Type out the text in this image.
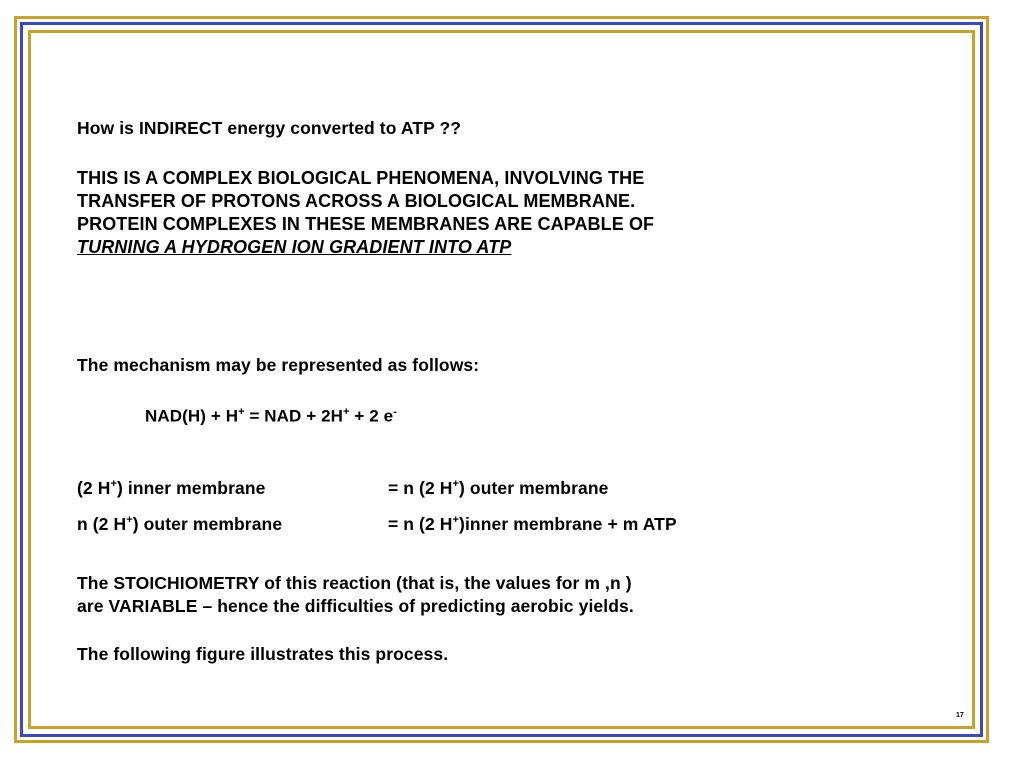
How is INDIRECT energy converted to ATP ??
THIS IS A COMPLEX BIOLOGICAL PHENOMENA, INVOLVING THE
TRANSFER OF PROTONS ACROSS A BIOLOGICAL MEMBRANE.
PROTEIN COMPLEXES IN THESE MEMBRANES ARE CAPABLE OF
TURNING A HYDROGEN ION GRADIENT INTO ATP
The mechanism may be represented as follows:
NAD(H) + H+ = NAD + 2H+ + 2 e-
(2 H+) inner membrane	= n (2 H+) outer membrane
n (2 H+) outer membrane	= n (2 H+)inner membrane + m ATP
The STOICHIOMETRY of this reaction (that is, the values for m ,n )
are VARIABLE – hence the difficulties of predicting aerobic yields.
The following figure illustrates this process.
17
